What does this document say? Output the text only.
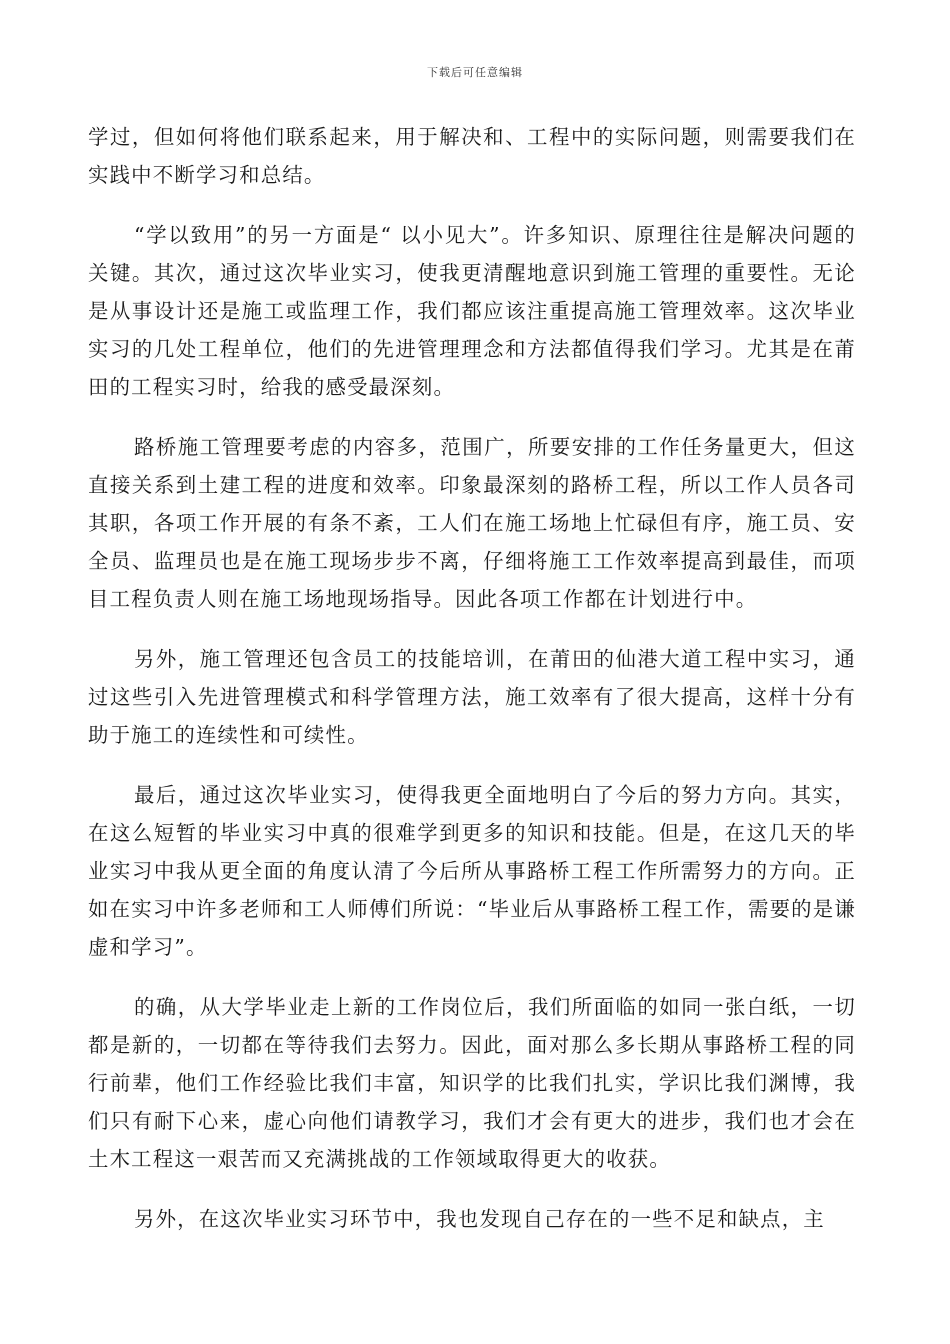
下载后可任意编辑

学过，但如何将他们联系起来，用于解决和、工程中的实际问题，则需要我们在实践中不断学习和总结。

“学以致用”的另一方面是“ 以小见大”。许多知识、原理往往是解决问题的关键。其次，通过这次毕业实习，使我更清醒地意识到施工管理的重要性。无论是从事设计还是施工或监理工作，我们都应该注重提高施工管理效率。这次毕业实习的几处工程单位，他们的先进管理理念和方法都值得我们学习。尤其是在莆田的工程实习时，给我的感受最深刻。

路桥施工管理要考虑的内容多，范围广，所要安排的工作任务量更大，但这直接关系到土建工程的进度和效率。印象最深刻的路桥工程，所以工作人员各司其职，各项工作开展的有条不紊，工人们在施工场地上忙碌但有序，施工员、安全员、监理员也是在施工现场步步不离，仔细将施工工作效率提高到最佳，而项目工程负责人则在施工场地现场指导。因此各项工作都在计划进行中。

另外，施工管理还包含员工的技能培训，在莆田的仙港大道工程中实习，通过这些引入先进管理模式和科学管理方法，施工效率有了很大提高，这样十分有助于施工的连续性和可续性。

最后，通过这次毕业实习，使得我更全面地明白了今后的努力方向。其实，在这么短暂的毕业实习中真的很难学到更多的知识和技能。但是，在这几天的毕业实习中我从更全面的角度认清了今后所从事路桥工程工作所需努力的方向。正如在实习中许多老师和工人师傅们所说：“毕业后从事路桥工程工作，需要的是谦虚和学习”。

的确，从大学毕业走上新的工作岗位后，我们所面临的如同一张白纸，一切都是新的，一切都在等待我们去努力。因此，面对那么多长期从事路桥工程的同行前辈，他们工作经验比我们丰富，知识学的比我们扎实，学识比我们渊博，我们只有耐下心来，虚心向他们请教学习，我们才会有更大的进步，我们也才会在土木工程这一艰苦而又充满挑战的工作领域取得更大的收获。

另外，在这次毕业实习环节中，我也发现自己存在的一些不足和缺点，主
